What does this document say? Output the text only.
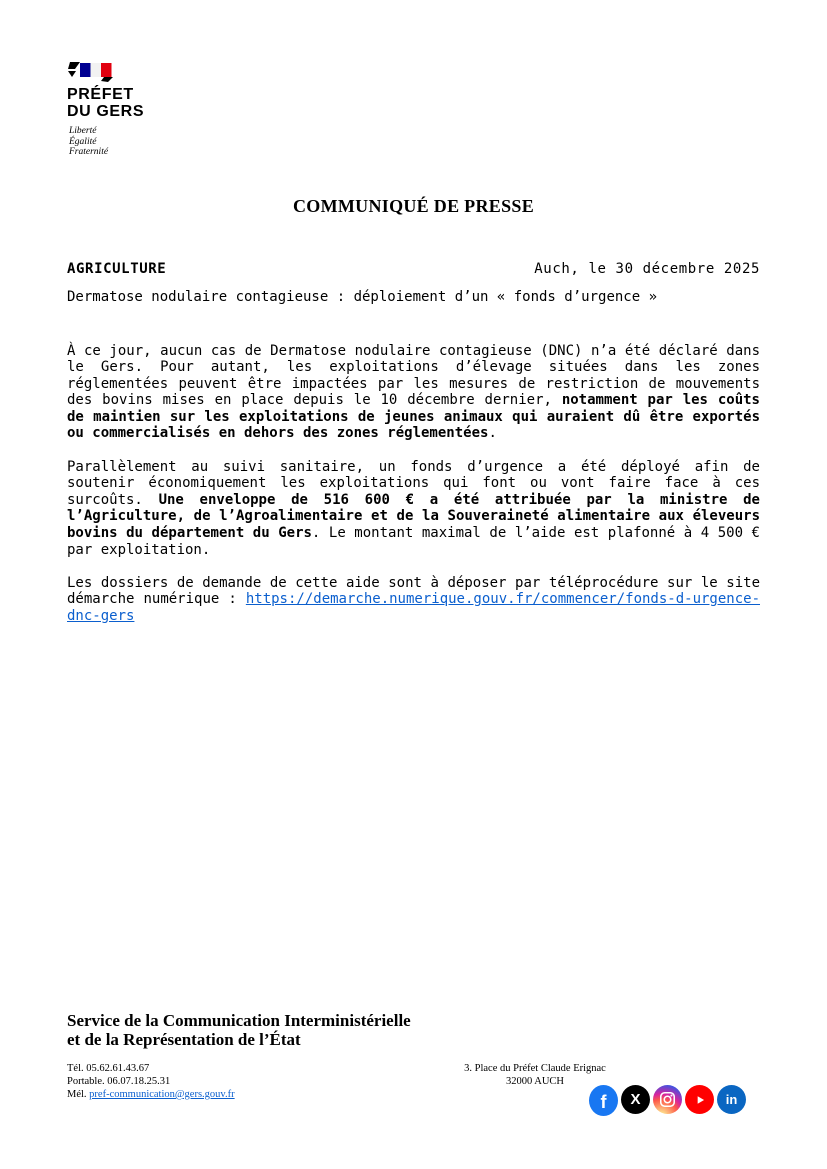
PRÉFET
DU GERS
Liberté
Égalité
Fraternité
COMMUNIQUÉ DE PRESSE
AGRICULTURE	Auch, le 30 décembre 2025
Dermatose nodulaire contagieuse : déploiement d’un « fonds d’urgence »

À ce jour, aucun cas de Dermatose nodulaire contagieuse (DNC) n’a été déclaré dans le Gers. Pour autant, les exploitations d’élevage situées dans les zones réglementées peuvent être impactées par les mesures de restriction de mouvements des bovins mises en place depuis le 10 décembre dernier, notamment par les coûts de maintien sur les exploitations de jeunes animaux qui auraient dû être exportés ou commercialisés en dehors des zones réglementées.

Parallèlement au suivi sanitaire, un fonds d’urgence a été déployé afin de soutenir économiquement les exploitations qui font ou vont faire face à ces surcoûts. Une enveloppe de 516 600 € a été attribuée par la ministre de l’Agriculture, de l’Agroalimentaire et de la Souveraineté alimentaire aux éleveurs bovins du département du Gers. Le montant maximal de l’aide est plafonné à 4 500 € par exploitation.

Les dossiers de demande de cette aide sont à déposer par téléprocédure sur le site démarche numérique : https://demarche.numerique.gouv.fr/commencer/fonds-d-urgence-dnc-gers

Service de la Communication Interministérielle
et de la Représentation de l’État
Tél. 05.62.61.43.67
Portable. 06.07.18.25.31
Mél. pref-communication@gers.gouv.fr
3. Place du Préfet Claude Erignac
32000 AUCH
f X	in
